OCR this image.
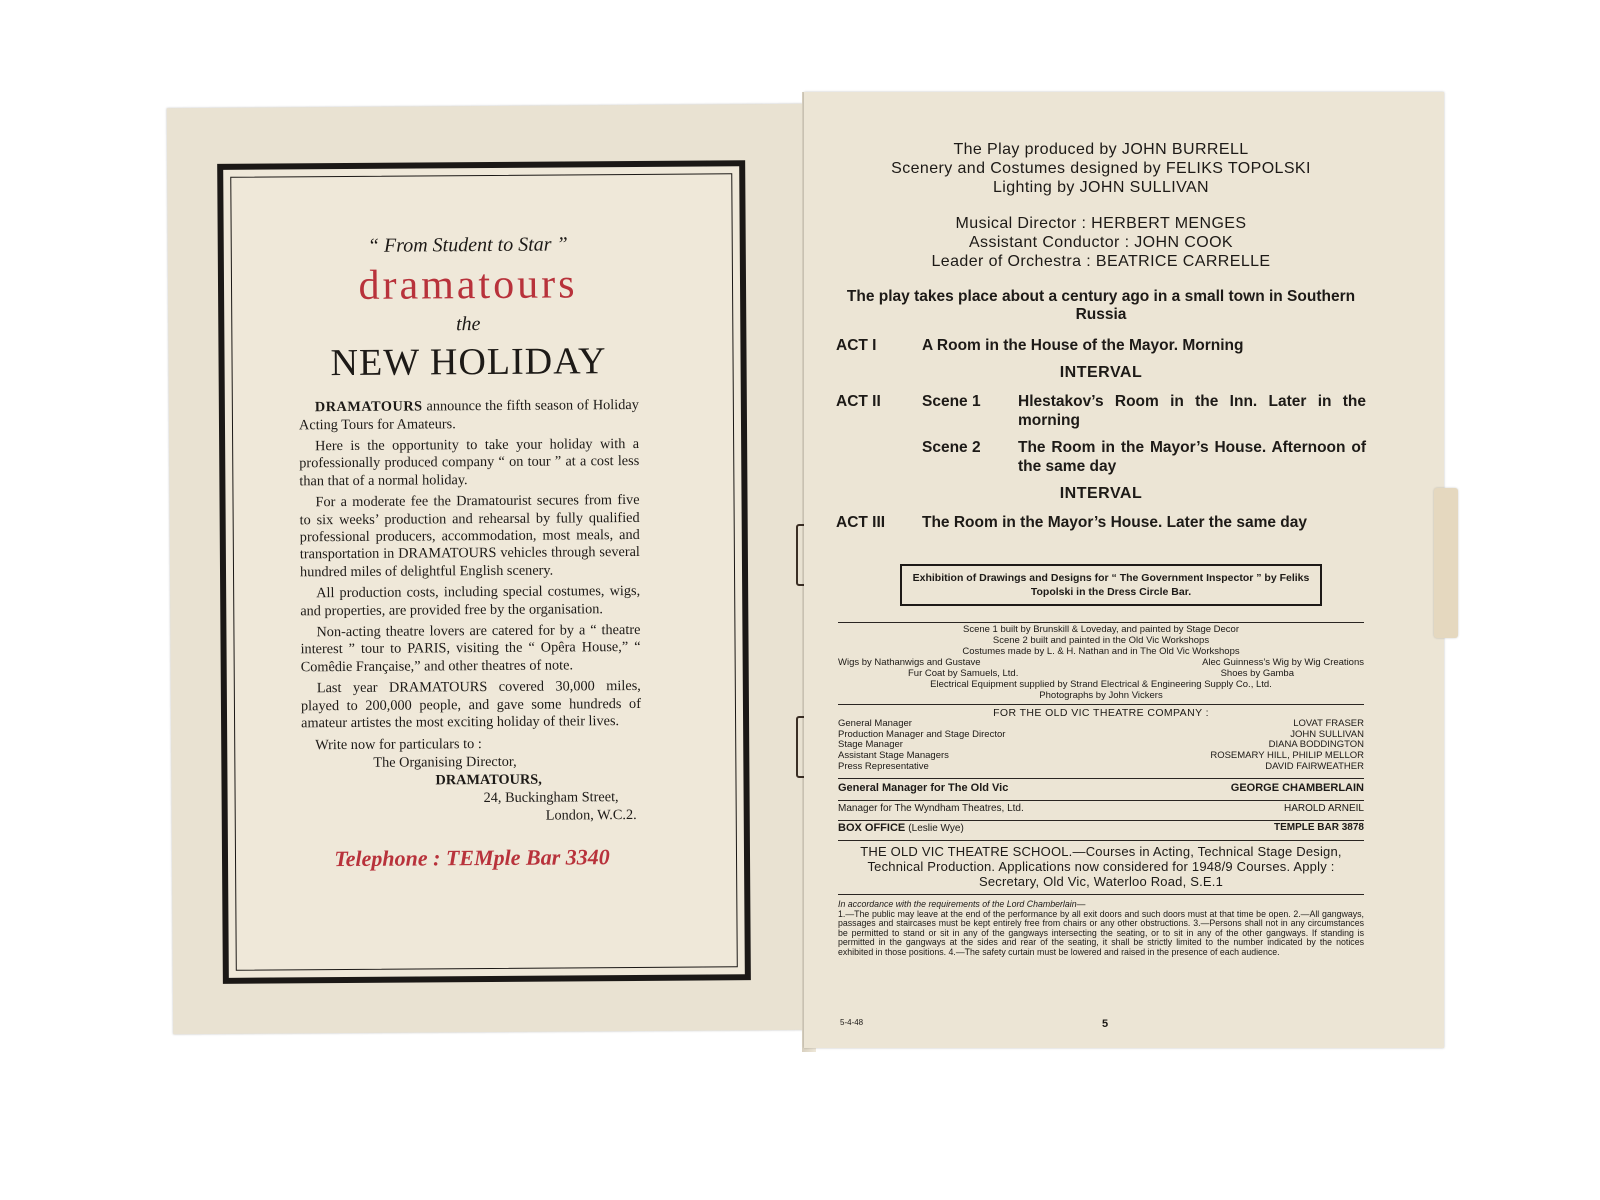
“ From Student to Star ”
dramatours
the
NEW HOLIDAY

DRAMATOURS announce the fifth season of Holiday Acting Tours for Amateurs.

Here is the opportunity to take your holiday with a professionally produced company “ on tour ” at a cost less than that of a normal holiday.

For a moderate fee the Dramatourist secures from five to six weeks’ production and rehearsal by fully qualified professional producers, accommodation, most meals, and transportation in DRAMATOURS vehicles through several hundred miles of delightful English scenery.

All production costs, including special costumes, wigs, and properties, are provided free by the organisation.

Non-acting theatre lovers are catered for by a “ theatre interest ” tour to PARIS, visiting the “ Opêra House,” “ Comêdie Française,” and other theatres of note.

Last year DRAMATOURS covered 30,000 miles, played to 200,000 people, and gave some hundreds of amateur artistes the most exciting holiday of their lives.

Write now for particulars to :
The Organising Director,
DRAMATOURS,
24, Buckingham Street,
London, W.C.2.
Telephone : TEMple Bar 3340
The Play produced by JOHN BURRELL
Scenery and Costumes designed by FELIKS TOPOLSKI
Lighting by JOHN SULLIVAN
Musical Director : HERBERT MENGES
Assistant Conductor : JOHN COOK
Leader of Orchestra : BEATRICE CARRELLE
The play takes place about a century ago in a small town in Southern Russia
ACT I	A Room in the House of the Mayor. Morning
INTERVAL
ACT II	Scene 1	Hlestakov’s Room in the Inn. Later in the morning
Scene 2	The Room in the Mayor’s House. Afternoon of the same day
INTERVAL
ACT III	The Room in the Mayor’s House. Later the same day
Exhibition of Drawings and Designs for “ The Government Inspector ” by Feliks Topolski in the Dress Circle Bar.
Scene 1 built by Brunskill & Loveday, and painted by Stage Decor
Scene 2 built and painted in the Old Vic Workshops
Costumes made by L. & H. Nathan and in The Old Vic Workshops
Wigs by Nathanwigs and Gustave	Alec Guinness’s Wig by Wig Creations
Fur Coat by Samuels, Ltd.	Shoes by Gamba
Electrical Equipment supplied by Strand Electrical & Engineering Supply Co., Ltd.
Photographs by John Vickers
FOR THE OLD VIC THEATRE COMPANY :
General Manager	LOVAT FRASER
Production Manager and Stage Director	JOHN SULLIVAN
Stage Manager	DIANA BODDINGTON
Assistant Stage Managers	ROSEMARY HILL, PHILIP MELLOR
Press Representative	DAVID FAIRWEATHER
General Manager for The Old Vic	GEORGE CHAMBERLAIN
Manager for The Wyndham Theatres, Ltd.	HAROLD ARNEIL
BOX OFFICE (Leslie Wye)	TEMPLE BAR 3878
THE OLD VIC THEATRE SCHOOL.—Courses in Acting, Technical Stage Design, Technical Production. Applications now considered for 1948/9 Courses. Apply : Secretary, Old Vic, Waterloo Road, S.E.1
In accordance with the requirements of the Lord Chamberlain—
1.—The public may leave at the end of the performance by all exit doors and such doors must at that time be open. 2.—All gangways, passages and staircases must be kept entirely free from chairs or any other obstructions. 3.—Persons shall not in any circumstances be permitted to stand or sit in any of the gangways intersecting the seating, or to sit in any of the other gangways. If standing is permitted in the gangways at the sides and rear of the seating, it shall be strictly limited to the number indicated by the notices exhibited in those positions. 4.—The safety curtain must be lowered and raised in the presence of each audience.
5-4-48	5
